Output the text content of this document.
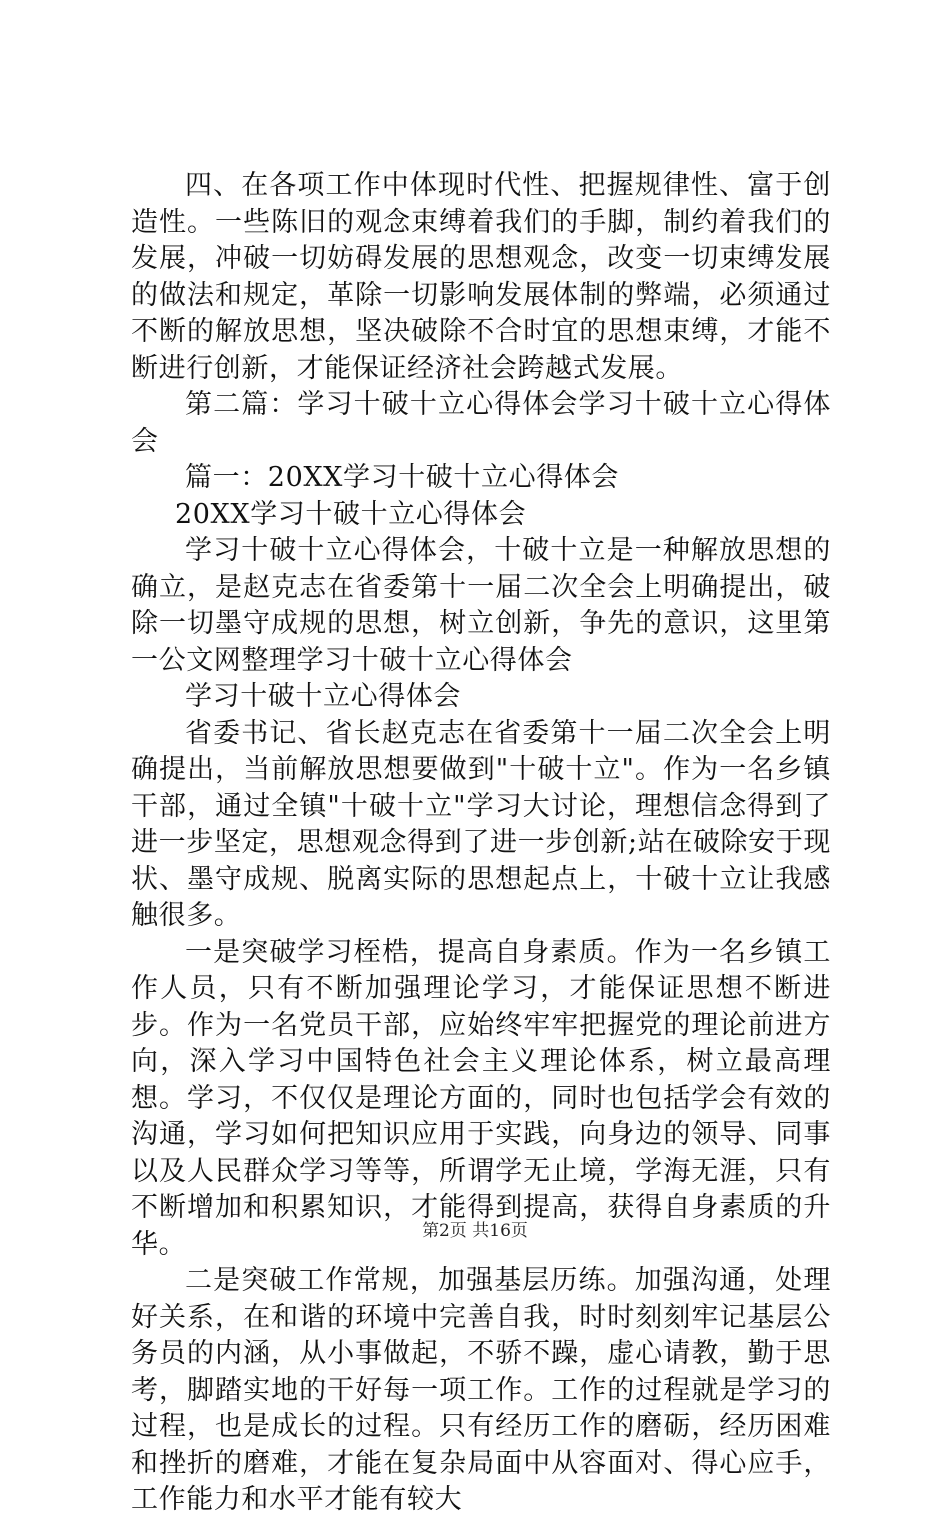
四、在各项工作中体现时代性、把握规律性、富于创造性。一些陈旧的观念束缚着我们的手脚，制约着我们的发展，冲破一切妨碍发展的思想观念，改变一切束缚发展的做法和规定，革除一切影响发展体制的弊端，必须通过不断的解放思想，坚决破除不合时宜的思想束缚，才能不断进行创新，才能保证经济社会跨越式发展。

第二篇：学习十破十立心得体会学习十破十立心得体会

篇一：20XX学习十破十立心得体会

20XX学习十破十立心得体会

学习十破十立心得体会，十破十立是一种解放思想的确立，是赵克志在省委第十一届二次全会上明确提出，破除一切墨守成规的思想，树立创新，争先的意识，这里第一公文网整理学习十破十立心得体会

学习十破十立心得体会

省委书记、省长赵克志在省委第十一届二次全会上明确提出，当前解放思想要做到"十破十立"。作为一名乡镇干部，通过全镇"十破十立"学习大讨论，理想信念得到了进一步坚定，思想观念得到了进一步创新;站在破除安于现状、墨守成规、脱离实际的思想起点上，十破十立让我感触很多。

一是突破学习桎梏，提高自身素质。作为一名乡镇工作人员，只有不断加强理论学习，才能保证思想不断进步。作为一名党员干部，应始终牢牢把握党的理论前进方向，深入学习中国特色社会主义理论体系，树立最高理想。学习，不仅仅是理论方面的，同时也包括学会有效的沟通，学习如何把知识应用于实践，向身边的领导、同事以及人民群众学习等等，所谓学无止境，学海无涯，只有不断增加和积累知识，才能得到提高，获得自身素质的升华。

二是突破工作常规，加强基层历练。加强沟通，处理好关系，在和谐的环境中完善自我，时时刻刻牢记基层公务员的内涵，从小事做起，不骄不躁，虚心请教，勤于思考，脚踏实地的干好每一项工作。工作的过程就是学习的过程，也是成长的过程。只有经历工作的磨砺，经历困难和挫折的磨难，才能在复杂局面中从容面对、得心应手，工作能力和水平才能有较大

第2页 共16页
